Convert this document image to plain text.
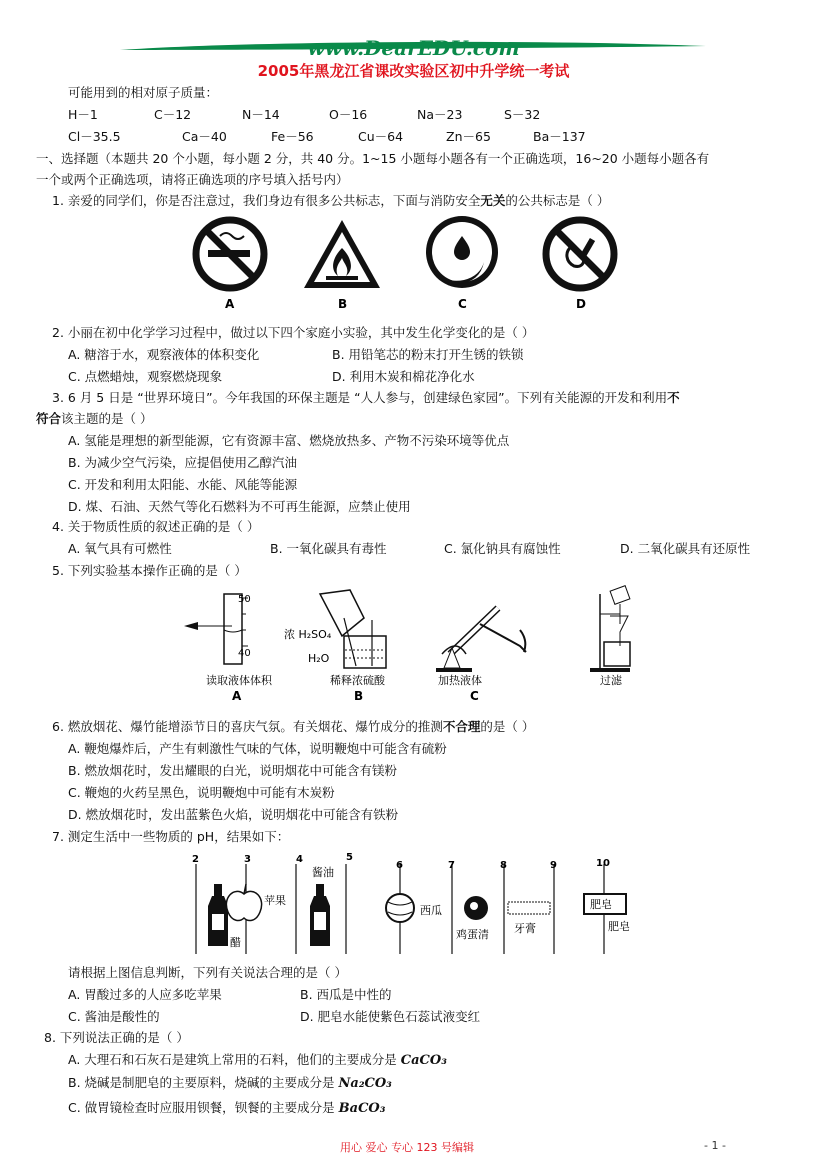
www.DearEDU.com
2005年黑龙江省课改实验区初中升学统一考试
可能用到的相对原子质量：
H－1	C－12	N－14	O－16	Na－23	S－32
Cl－35.5	Ca－40	Fe－56	Cu－64	Zn－65	Ba－137
一、选择题（本题共 20 个小题，每小题 2 分，共 40 分。1~15 小题每小题各有一个正确选项，16~20 小题每小题各有
一个或两个正确选项，请将正确选项的序号填入括号内）
1. 亲爱的同学们，你是否注意过，我们身边有很多公共标志，下面与消防安全无关的公共标志是（ ）
A	B	C	D
2. 小丽在初中化学学习过程中，做过以下四个家庭小实验，其中发生化学变化的是（ ）
A. 糖溶于水，观察液体的体积变化	B. 用铅笔芯的粉末打开生锈的铁锁
C. 点燃蜡烛，观察燃烧现象	D. 利用木炭和棉花净化水
3. 6 月 5 日是 “世界环境日”。今年我国的环保主题是 “人人参与，创建绿色家园”。下列有关能源的开发和利用不
符合该主题的是（ ）
A. 氢能是理想的新型能源，它有资源丰富、燃烧放热多、产物不污染环境等优点
B. 为减少空气污染，应提倡使用乙醇汽油
C. 开发和利用太阳能、水能、风能等能源
D. 煤、石油、天然气等化石燃料为不可再生能源，应禁止使用
4. 关于物质性质的叙述正确的是（ ）
A. 氧气具有可燃性	B. 一氧化碳具有毒性	C. 氯化钠具有腐蚀性	D. 二氧化碳具有还原性
5. 下列实验基本操作正确的是（ ）
50
40
浓 H₂SO₄
H₂O
读取液体体积	稀释浓硫酸	加热液体	过滤
A	B	C
6. 燃放烟花、爆竹能增添节日的喜庆气氛。有关烟花、爆竹成分的推测不合理的是（ ）
A. 鞭炮爆炸后，产生有刺激性气味的气体，说明鞭炮中可能含有硫粉
B. 燃放烟花时，发出耀眼的白光，说明烟花中可能含有镁粉
C. 鞭炮的火药呈黑色，说明鞭炮中可能有木炭粉
D. 燃放烟花时，发出蓝紫色火焰，说明烟花中可能含有铁粉
7. 测定生活中一些物质的 pH，结果如下：
2	3	4	5
6	7	8	9	10
醋
苹果
酱油
西瓜
鸡蛋清 牙膏
肥皂
肥皂
请根据上图信息判断，下列有关说法合理的是（ ）
A. 胃酸过多的人应多吃苹果	B. 西瓜是中性的
C. 酱油是酸性的	D. 肥皂水能使紫色石蕊试液变红
8. 下列说法正确的是（ ）
A. 大理石和石灰石是建筑上常用的石料，他们的主要成分是 CaCO₃
B. 烧碱是制肥皂的主要原料，烧碱的主要成分是 Na₂CO₃
C. 做胃镜检查时应服用钡餐，钡餐的主要成分是 BaCO₃
用心 爱心 专心 123 号编辑	- 1 -
